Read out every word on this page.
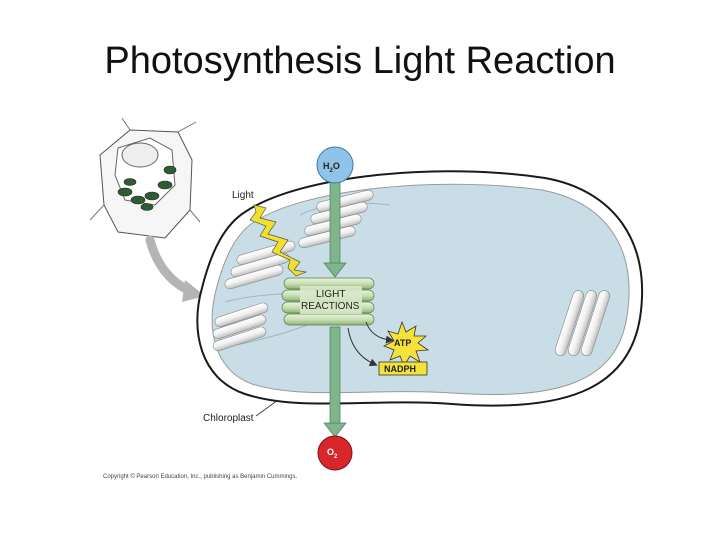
Photosynthesis Light Reaction
$H_2O$
Light
LIGHT
REACTIONS
ATP
NADPH
Chloroplast
$O_2$
Copyright © Pearson Education, Inc., publishing as Benjamin Cummings.
